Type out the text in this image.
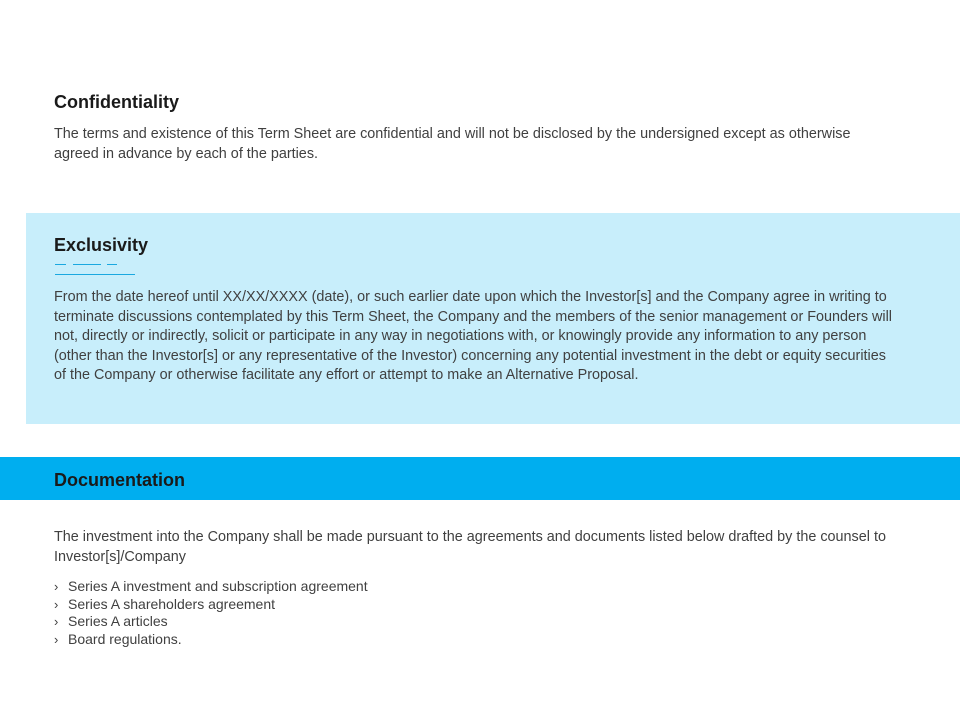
Confidentiality

The terms and existence of this Term Sheet are confidential and will not be disclosed by the undersigned except as otherwise agreed in advance by each of the parties.

Exclusivity

From the date hereof until XX/XX/XXXX (date), or such earlier date upon which the Investor[s] and the Company agree in writing to terminate discussions contemplated by this Term Sheet, the Company and the members of the senior management or Founders will not, directly or indirectly, solicit or participate in any way in negotiations with, or knowingly provide any information to any person (other than the Investor[s] or any representative of the Investor) concerning any potential investment in the debt or equity securities of the Company or otherwise facilitate any effort or attempt to make an Alternative Proposal.

Documentation

The investment into the Company shall be made pursuant to the agreements and documents listed below drafted by the counsel to Investor[s]/Company

› Series A investment and subscription agreement
› Series A shareholders agreement
› Series A articles
› Board regulations.
